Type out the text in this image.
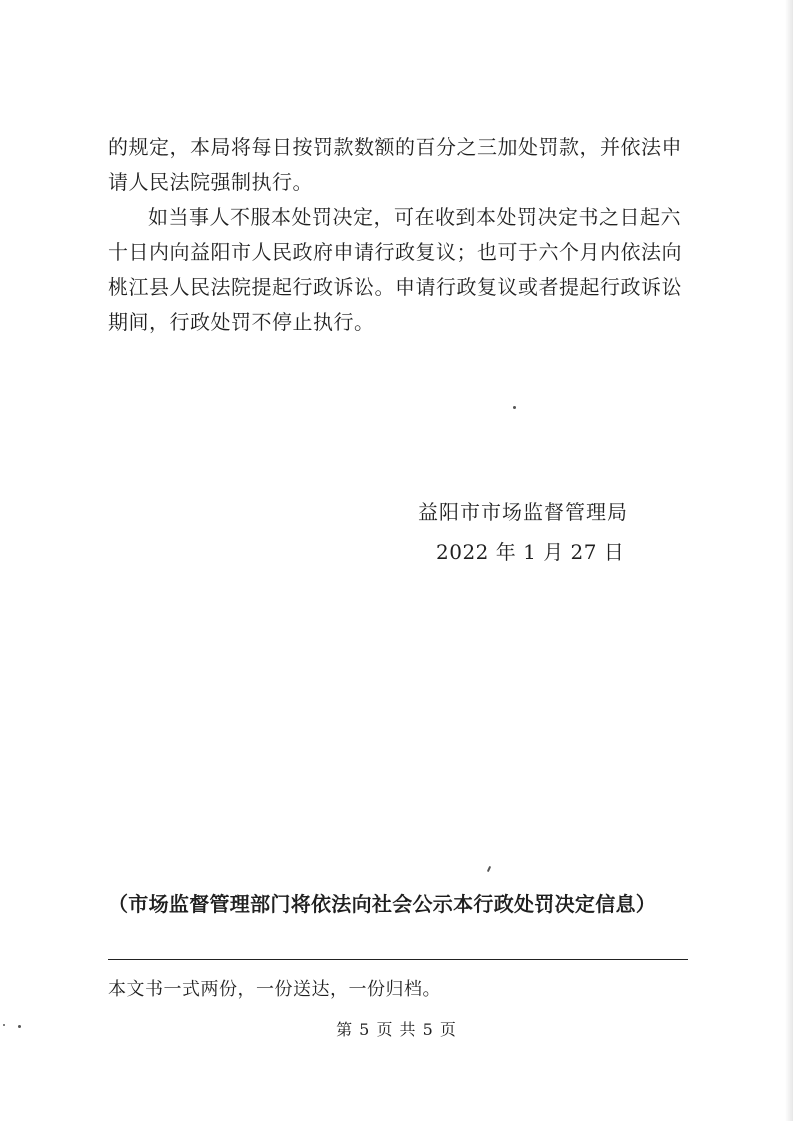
的规定，本局将每日按罚款数额的百分之三加处罚款，并依法申

请人民法院强制执行。

如当事人不服本处罚决定，可在收到本处罚决定书之日起六

十日内向益阳市人民政府申请行政复议；也可于六个月内依法向

桃江县人民法院提起行政诉讼。申请行政复议或者提起行政诉讼

期间，行政处罚不停止执行。

益阳市市场监督管理局
2022 年 1 月 27 日
（市场监督管理部门将依法向社会公示本行政处罚决定信息）
本文书一式两份，一份送达，一份归档。
第 5 页 共 5 页
